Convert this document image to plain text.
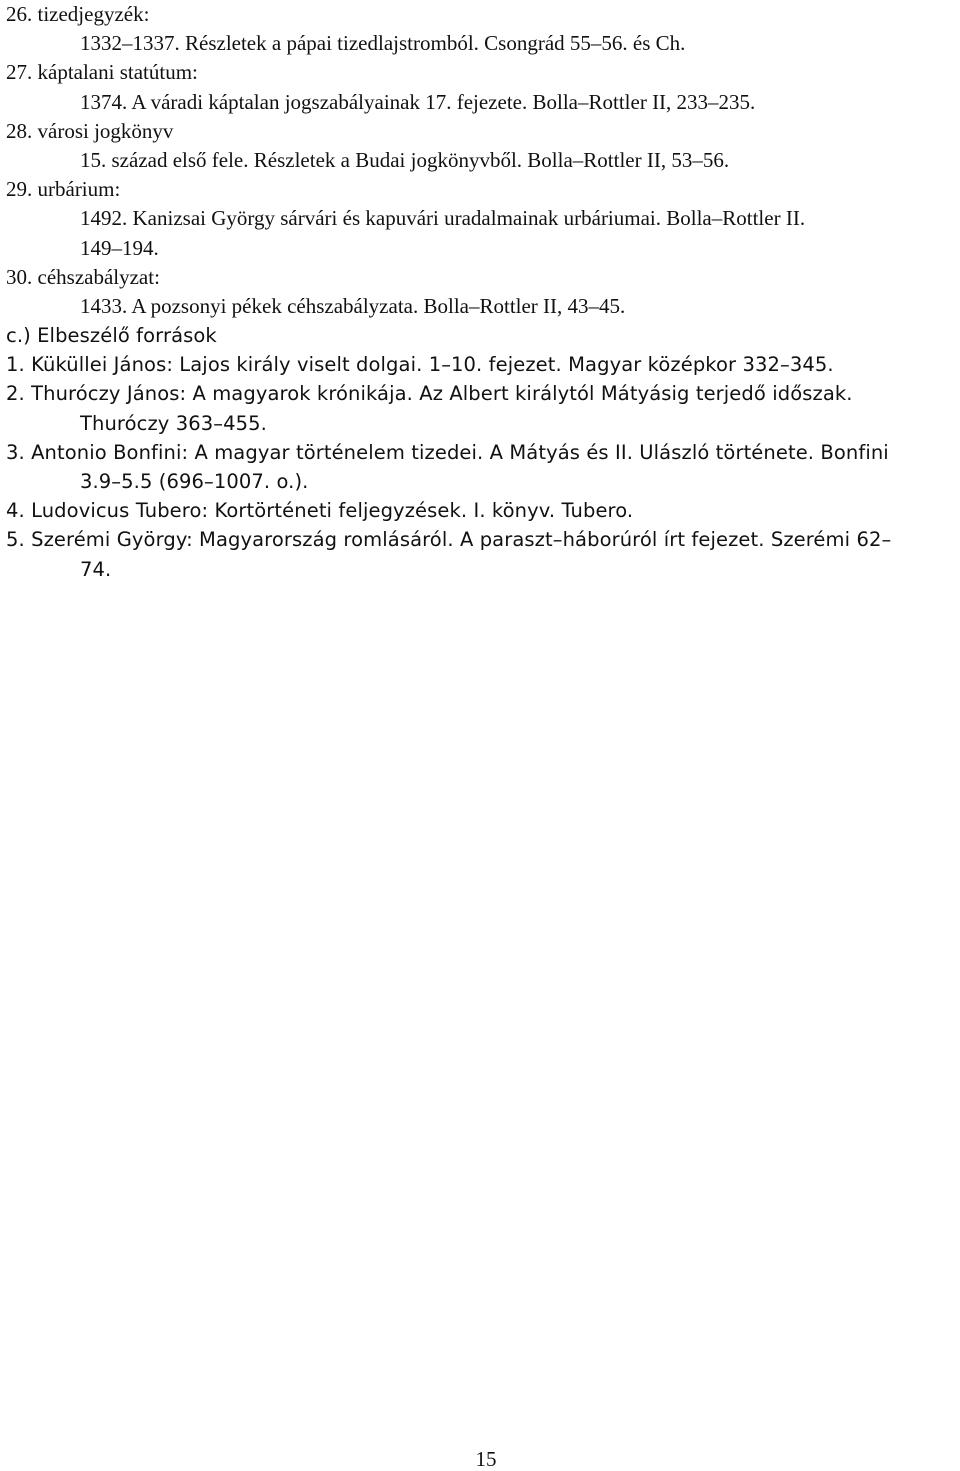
26. tizedjegyzék:
1332–1337. Részletek a pápai tizedlajstromból. Csongrád 55–56. és Ch.
27. káptalani statútum:
1374. A váradi káptalan jogszabályainak 17. fejezete. Bolla–Rottler II, 233–235.
28. városi jogkönyv
15. század első fele. Részletek a Budai jogkönyvből. Bolla–Rottler II, 53–56.
29. urbárium:
1492. Kanizsai György sárvári és kapuvári uradalmainak urbáriumai. Bolla–Rottler II.
149–194.
30. céhszabályzat:
1433. A pozsonyi pékek céhszabályzata. Bolla–Rottler II, 43–45.
c.) Elbeszélő források
1. Küküllei János: Lajos király viselt dolgai. 1–10. fejezet. Magyar középkor 332–345.
2. Thuróczy János: A magyarok krónikája. Az Albert királytól Mátyásig terjedő időszak.
Thuróczy 363–455.
3. Antonio Bonfini: A magyar történelem tizedei. A Mátyás és II. Ulászló története. Bonfini
3.9–5.5 (696–1007. o.).
4. Ludovicus Tubero: Kortörténeti feljegyzések. I. könyv. Tubero.
5. Szerémi György: Magyarország romlásáról. A paraszt–háborúról írt fejezet. Szerémi 62–
74.
15
